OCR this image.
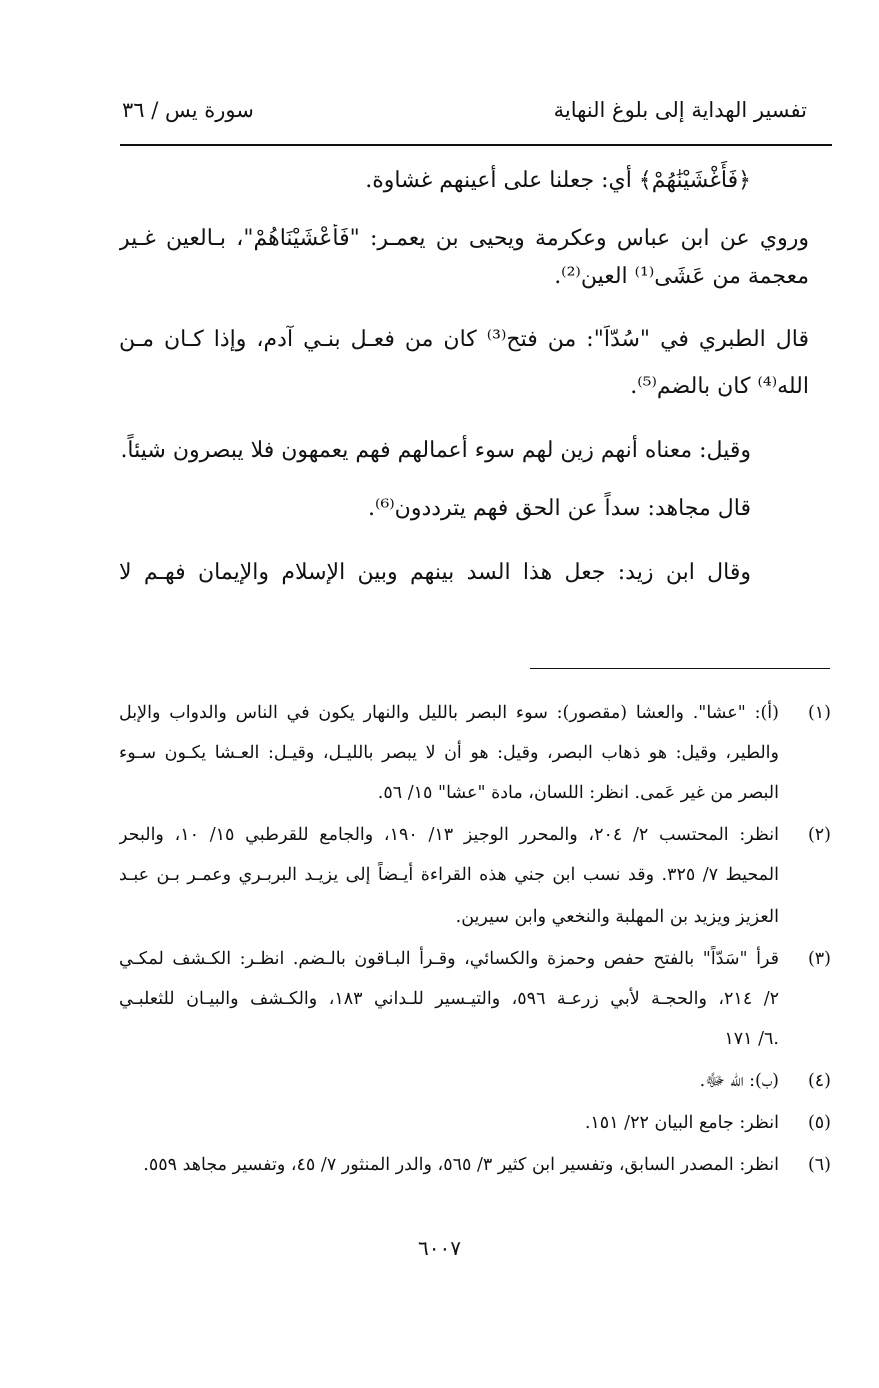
تفسير الهداية إلى بلوغ النهاية
سورة يس / ٣٦
﴿فَأَغْشَيْنَٰهُمْ﴾ أي: جعلنا على أعينهم غشاوة.
وروي عن ابن عباس وعكرمة ويحيى بن يعمـر: "فَأَعْشَيْنَاهُمْ"، بـالعين غـير
معجمة من عَشَى⁽¹⁾ العين⁽²⁾.
قال الطبري في "سُدّاً": من فتح⁽³⁾ كان من فعـل بنـي آدم، وإذا كـان مـن
الله⁽⁴⁾ كان بالضم⁽⁵⁾.
وقيل: معناه أنهم زين لهم سوء أعمالهم فهم يعمهون فلا يبصرون شيئاً.
قال مجاهد: سداً عن الحق فهم يترددون⁽⁶⁾.
وقال ابن زيد: جعل هذا السد بينهم وبين الإسلام والإيمان فهـم لا
(١)
(أ): "عشا". والعشا (مقصور): سوء البصر بالليل والنهار يكون في الناس والدواب والإبل
والطير، وقيل: هو ذهاب البصر، وقيل: هو أن لا يبصر بالليـل، وقيـل: العـشا يكـون سـوء
البصر من غير عَمى. انظر: اللسان، مادة "عشا" ١٥/ ٥٦.
(٢)
انظر: المحتسب ٢/ ٢٠٤، والمحرر الوجيز ١٣/ ١٩٠، والجامع للقرطبي ١٥/ ١٠، والبحر
المحيط ٧/ ٣٢٥. وقد نسب ابن جني هذه القراءة أيـضاً إلى يزيـد البربـري وعمـر بـن عبـد
العزيز ويزيد بن المهلبة والنخعي وابن سيرين.
(٣)
قرأ "سَدّاً" بالفتح حفص وحمزة والكسائي، وقـرأ البـاقون بالـضم. انظـر: الكـشف لمكـي
٢/ ٢١٤، والحجـة لأبي زرعـة ٥٩٦، والتيـسير للـداني ١٨٣، والكـشف والبيـان للثعلبـي
٦/ ١٧١.
(٤)
(ب): الله ﷻ.
(٥)
انظر: جامع البيان ٢٢/ ١٥١.
(٦)
انظر: المصدر السابق، وتفسير ابن كثير ٣/ ٥٦٥، والدر المنثور ٧/ ٤٥، وتفسير مجاهد ٥٥٩.
٦٠٠٧
